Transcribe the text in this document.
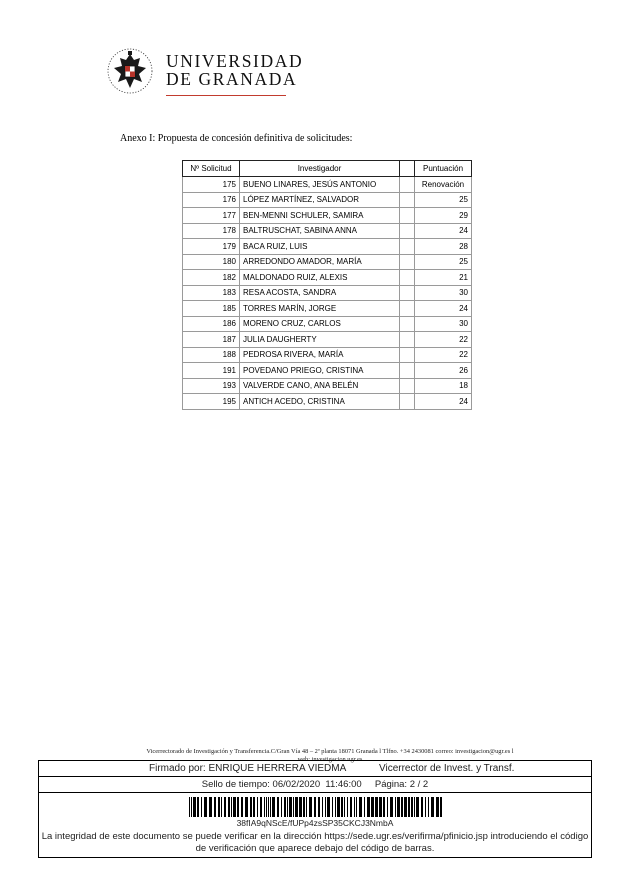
UNIVERSIDAD
DE GRANADA
Anexo I: Propuesta de concesión definitiva de solicitudes:
Nº Solicitud	Investigador		Puntuación
175	BUENO LINARES, JESÚS ANTONIO		Renovación
176	LÓPEZ MARTÍNEZ, SALVADOR		25
177	BEN-MENNI SCHULER, SAMIRA		29
178	BALTRUSCHAT, SABINA ANNA		24
179	BACA RUIZ, LUIS		28
180	ARREDONDO AMADOR, MARÍA		25
182	MALDONADO RUIZ, ALEXIS		21
183	RESA ACOSTA, SANDRA		30
185	TORRES MARÍN, JORGE		24
186	MORENO CRUZ, CARLOS		30
187	JULIA DAUGHERTY		22
188	PEDROSA RIVERA, MARÍA		22
191	POVEDANO PRIEGO, CRISTINA		26
193	VALVERDE CANO, ANA BELÉN		18
195	ANTICH ACEDO, CRISTINA		24
Vicerrectorado de Investigación y Transferencia.C/Gran Vía 48 – 2ª planta 18071 Granada l Tlfno. +34 2430081 correo: investigacion@ugr.es l web: investigacion.ugr.es
Firmado por: ENRIQUE HERRERA VIEDMA	Vicerrector de Invest. y Transf.
Sello de tiempo: 06/02/2020  11:46:00     Página: 2 / 2
38fIA9qNScE/fUPp4zsSP35CKCJ3NmbA
La integridad de este documento se puede verificar en la dirección https://sede.ugr.es/verifirma/pfinicio.jsp introduciendo el código de verificación que aparece debajo del código de barras.
